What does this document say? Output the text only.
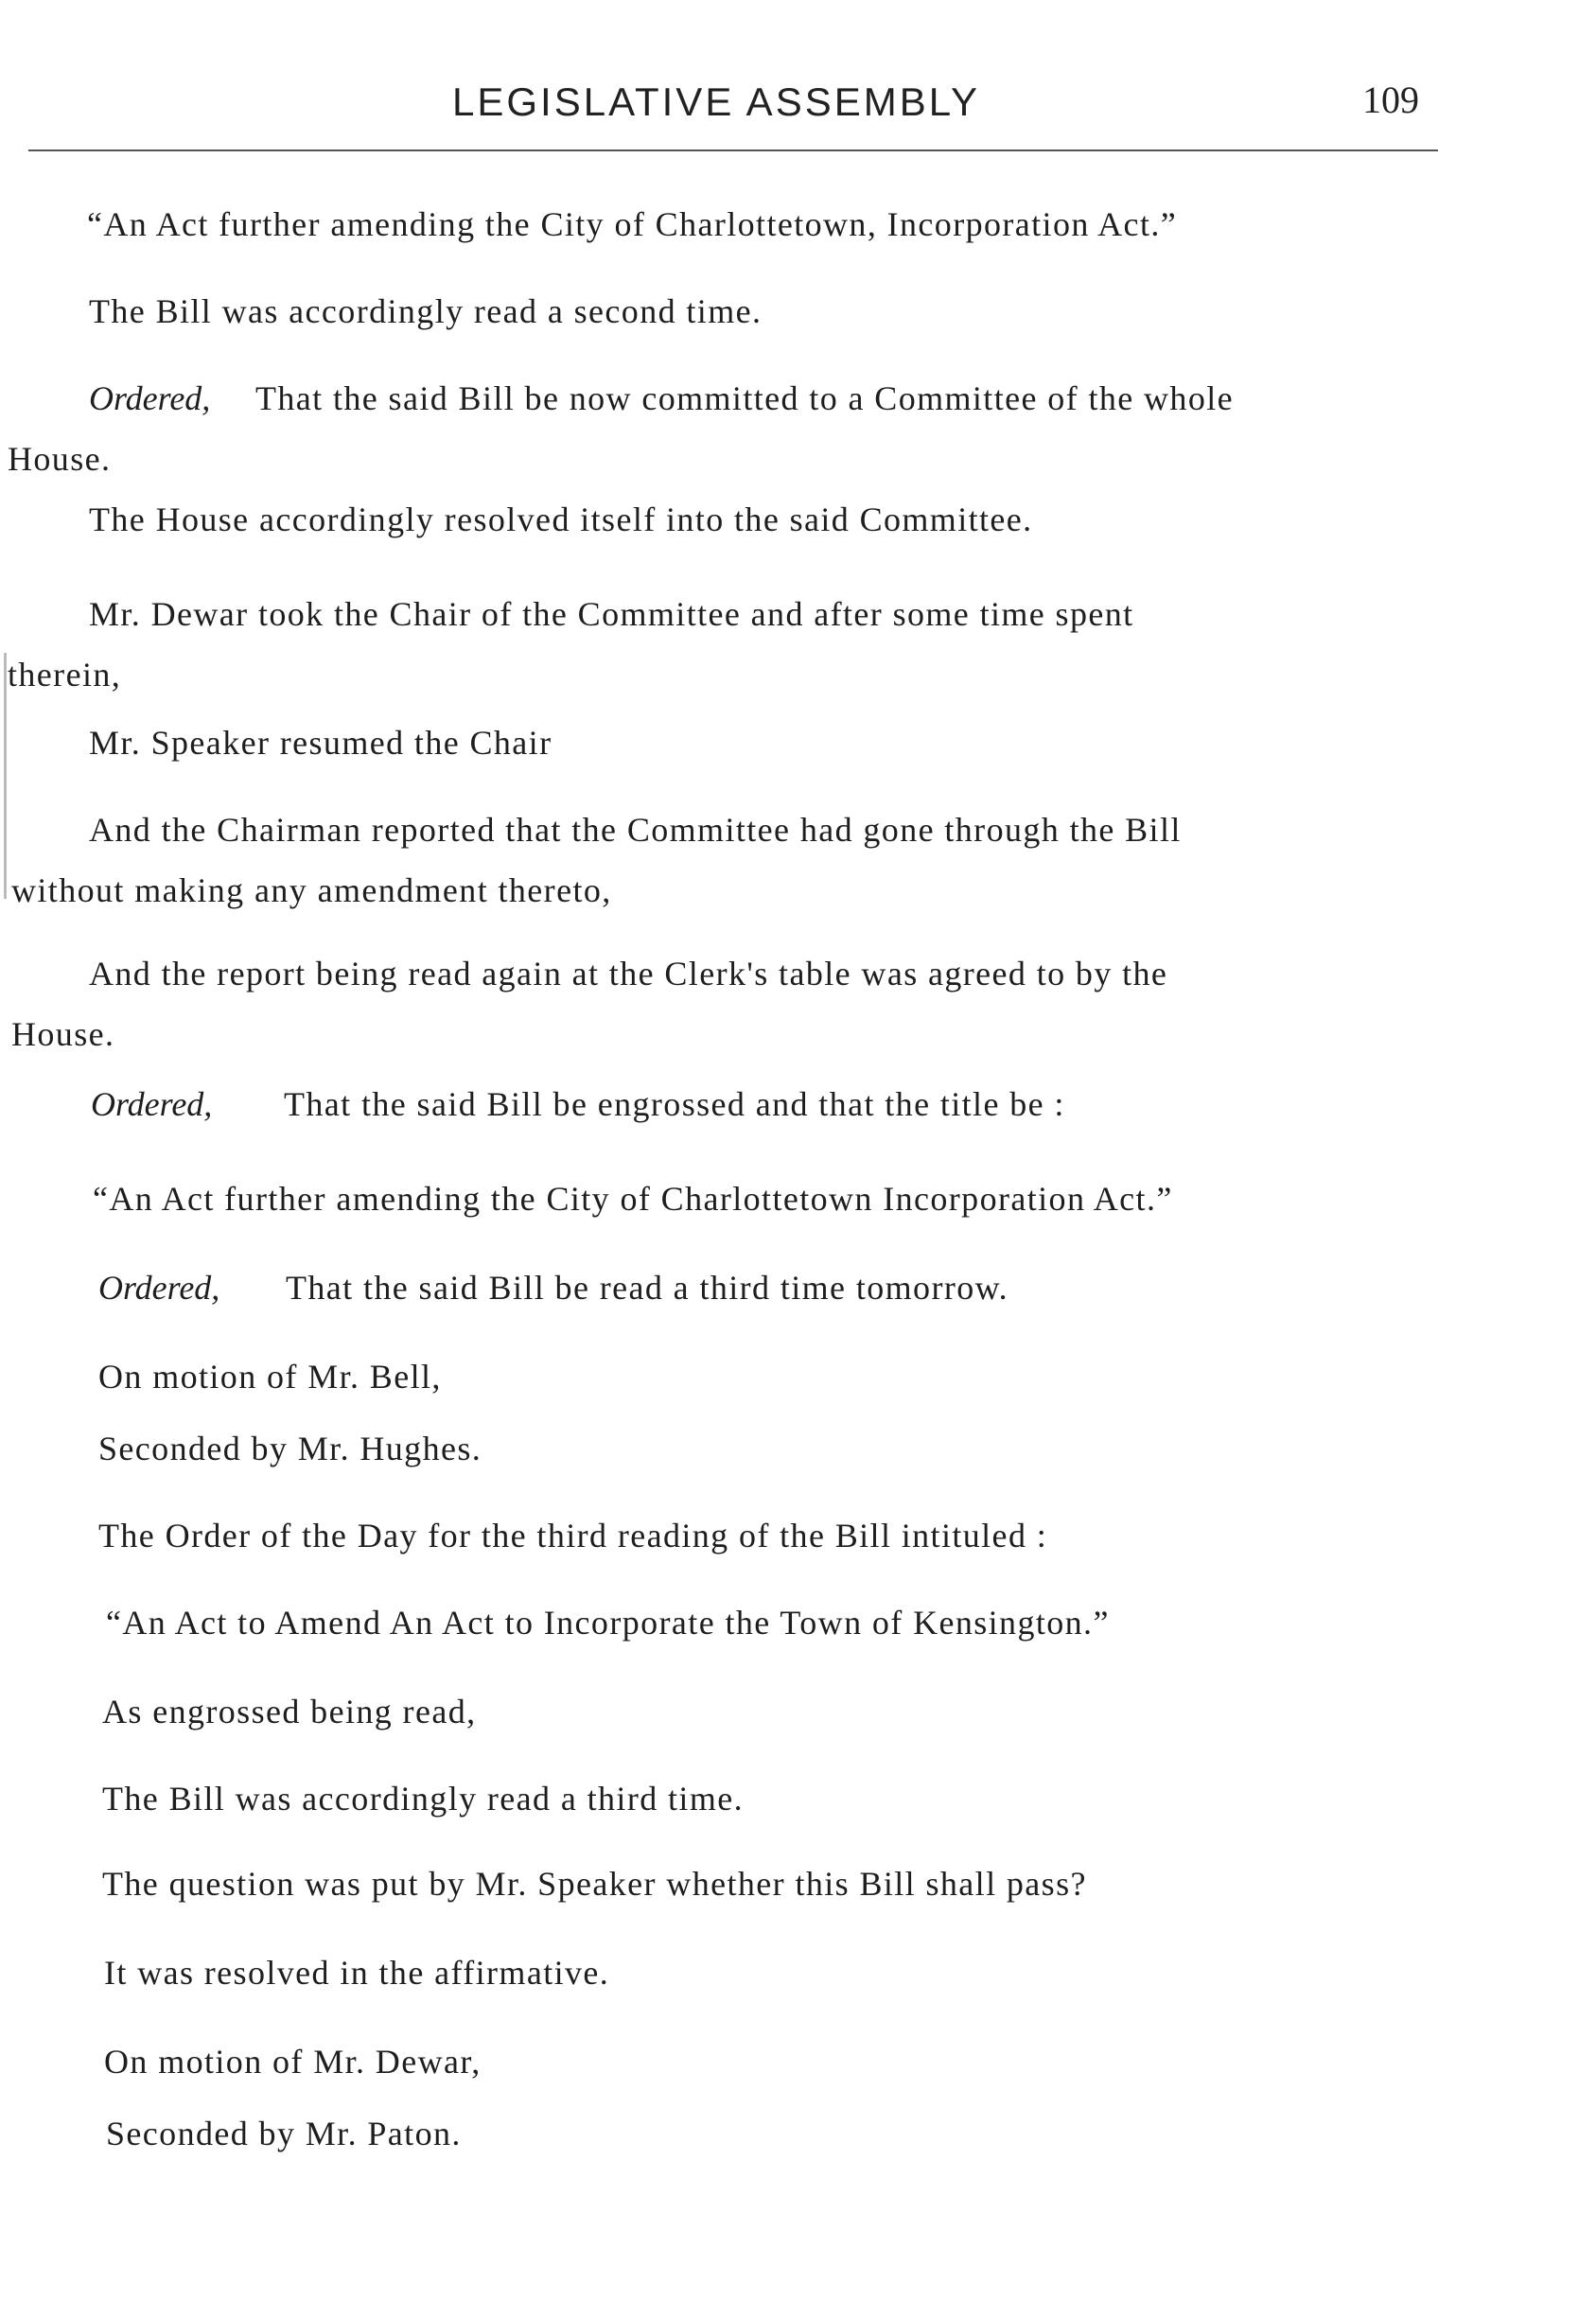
LEGISLATIVE ASSEMBLY	109
“An Act further amending the City of Charlottetown, Incorporation Act.”
The Bill was accordingly read a second time.
Ordered, That the said Bill be now committed to a Committee of the whole
House.
The House accordingly resolved itself into the said Committee.
Mr. Dewar took the Chair of the Committee and after some time spent
therein,
Mr. Speaker resumed the Chair
And the Chairman reported that the Committee had gone through the Bill
without making any amendment thereto,
And the report being read again at the Clerk's table was agreed to by the
House.
Ordered, That the said Bill be engrossed and that the title be :
“An Act further amending the City of Charlottetown Incorporation Act.”
Ordered, That the said Bill be read a third time tomorrow.
On motion of Mr. Bell,
Seconded by Mr. Hughes.
The Order of the Day for the third reading of the Bill intituled :
“An Act to Amend An Act to Incorporate the Town of Kensington.”
As engrossed being read,
The Bill was accordingly read a third time.
The question was put by Mr. Speaker whether this Bill shall pass?
It was resolved in the affirmative.
On motion of Mr. Dewar,
Seconded by Mr. Paton.
